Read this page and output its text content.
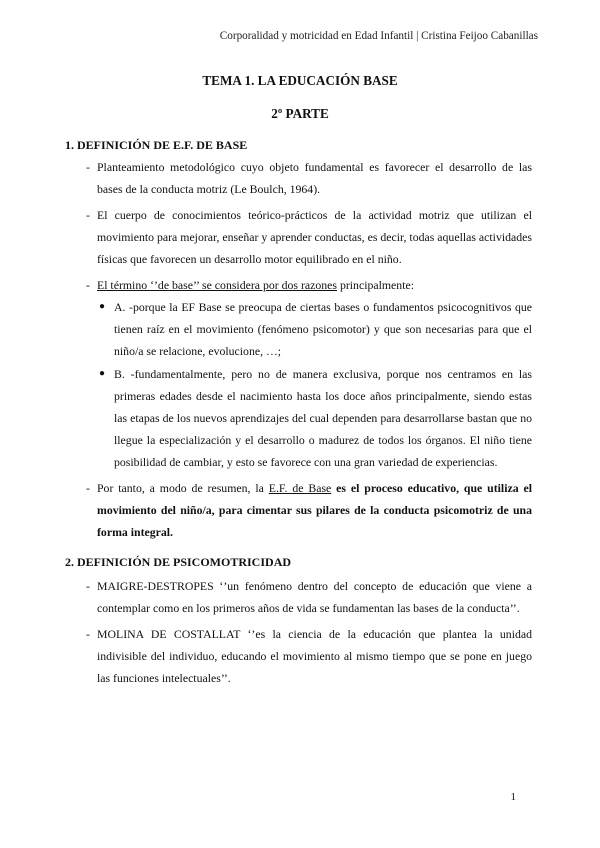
Corporalidad y motricidad en Edad Infantil | Cristina Feijoo Cabanillas
TEMA 1. LA EDUCACIÓN BASE
2º PARTE
1. DEFINICIÓN DE E.F. DE BASE
- Planteamiento metodológico cuyo objeto fundamental es favorecer el desarrollo de las bases de la conducta motriz (Le Boulch, 1964).
- El cuerpo de conocimientos teórico-prácticos de la actividad motriz que utilizan el movimiento para mejorar, enseñar y aprender conductas, es decir, todas aquellas actividades físicas que favorecen un desarrollo motor equilibrado en el niño.
- El término ‘’de base’’ se considera por dos razones principalmente:
● A. -porque la EF Base se preocupa de ciertas bases o fundamentos psicocognitivos que tienen raíz en el movimiento (fenómeno psicomotor) y que son necesarias para que el niño/a se relacione, evolucione, …;
● B. -fundamentalmente, pero no de manera exclusiva, porque nos centramos en las primeras edades desde el nacimiento hasta los doce años principalmente, siendo estas las etapas de los nuevos aprendizajes del cual dependen para desarrollarse bastan que no llegue la especialización y el desarrollo o madurez de todos los órganos. El niño tiene posibilidad de cambiar, y esto se favorece con una gran variedad de experiencias.
- Por tanto, a modo de resumen, la E.F. de Base es el proceso educativo, que utiliza el movimiento del niño/a, para cimentar sus pilares de la conducta psicomotriz de una forma integral.
2. DEFINICIÓN DE PSICOMOTRICIDAD
- MAIGRE-DESTROPES ‘’un fenómeno dentro del concepto de educación que viene a contemplar como en los primeros años de vida se fundamentan las bases de la conducta’’.
- MOLINA DE COSTALLAT ‘’es la ciencia de la educación que plantea la unidad indivisible del individuo, educando el movimiento al mismo tiempo que se pone en juego las funciones intelectuales’’.
1
